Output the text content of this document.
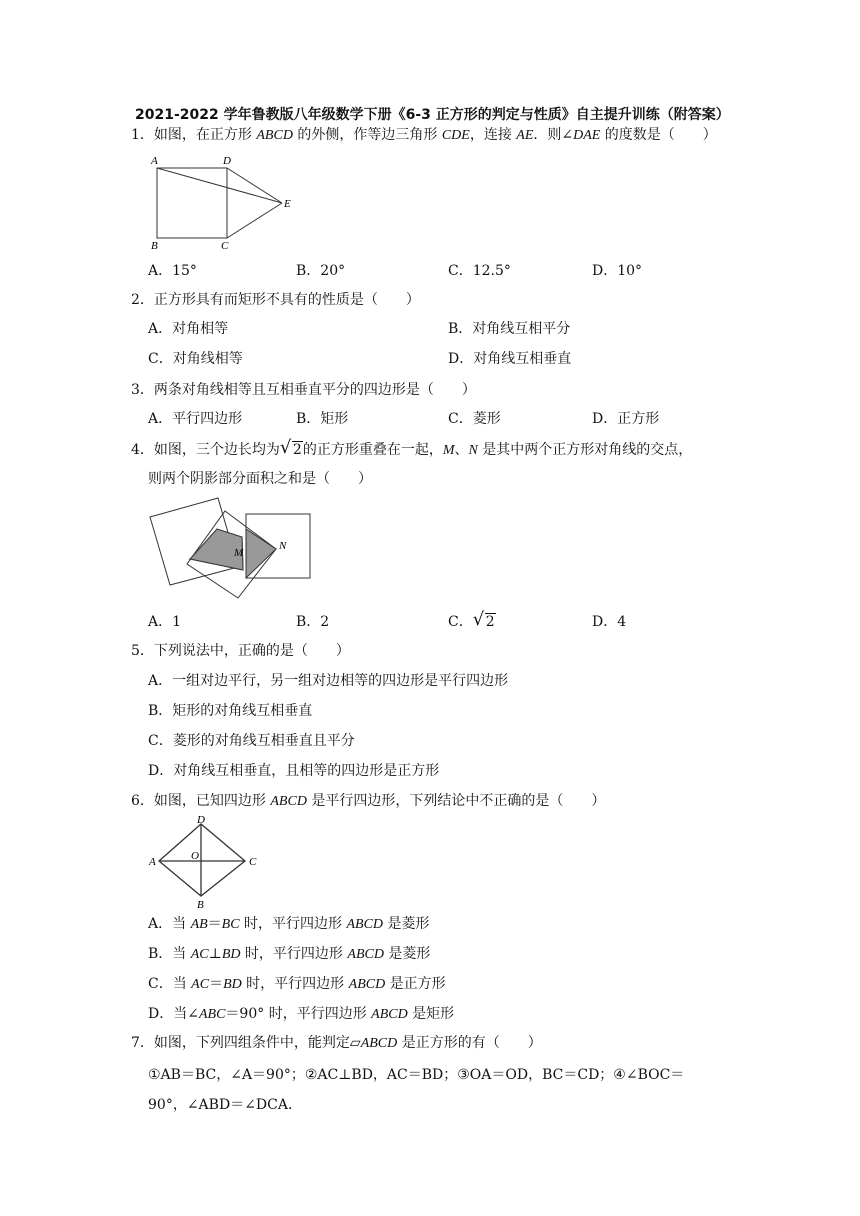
2021-2022 学年鲁教版八年级数学下册《6-3 正方形的判定与性质》自主提升训练（附答案）
1．如图，在正方形 ABCD 的外侧，作等边三角形 CDE，连接 AE．则∠DAE 的度数是（　　）
A	D
E
B	C
A．15°	B．20°	C．12.5°	D．10°
2．正方形具有而矩形不具有的性质是（　　）
A．对角相等	B．对角线互相平分
C．对角线相等	D．对角线互相垂直
3．两条对角线相等且互相垂直平分的四边形是（　　）
A．平行四边形	B．矩形	C．菱形	D．正方形
4．如图，三个边长均为 √ 2的正方形重叠在一起，M、N 是其中两个正方形对角线的交点，
则两个阴影部分面积之和是（　　）
M
N
A．1	B．2	C． √ 2	D．4
5．下列说法中，正确的是（　　）
A．一组对边平行，另一组对边相等的四边形是平行四边形
B．矩形的对角线互相垂直
C．菱形的对角线互相垂直且平分
D．对角线互相垂直，且相等的四边形是正方形
6．如图，已知四边形 ABCD 是平行四边形，下列结论中不正确的是（　　）
D
A	O	C
B
A．当 AB＝BC 时，平行四边形 ABCD 是菱形
B．当 AC⊥BD 时，平行四边形 ABCD 是菱形
C．当 AC＝BD 时，平行四边形 ABCD 是正方形
D．当∠ABC＝90° 时，平行四边形 ABCD 是矩形
7．如图，下列四组条件中，能判定▱ABCD 是正方形的有（　　）
①AB＝BC，∠A＝90°；②AC⊥BD，AC＝BD；③OA＝OD，BC＝CD；④∠BOC＝
90°，∠ABD＝∠DCA．
